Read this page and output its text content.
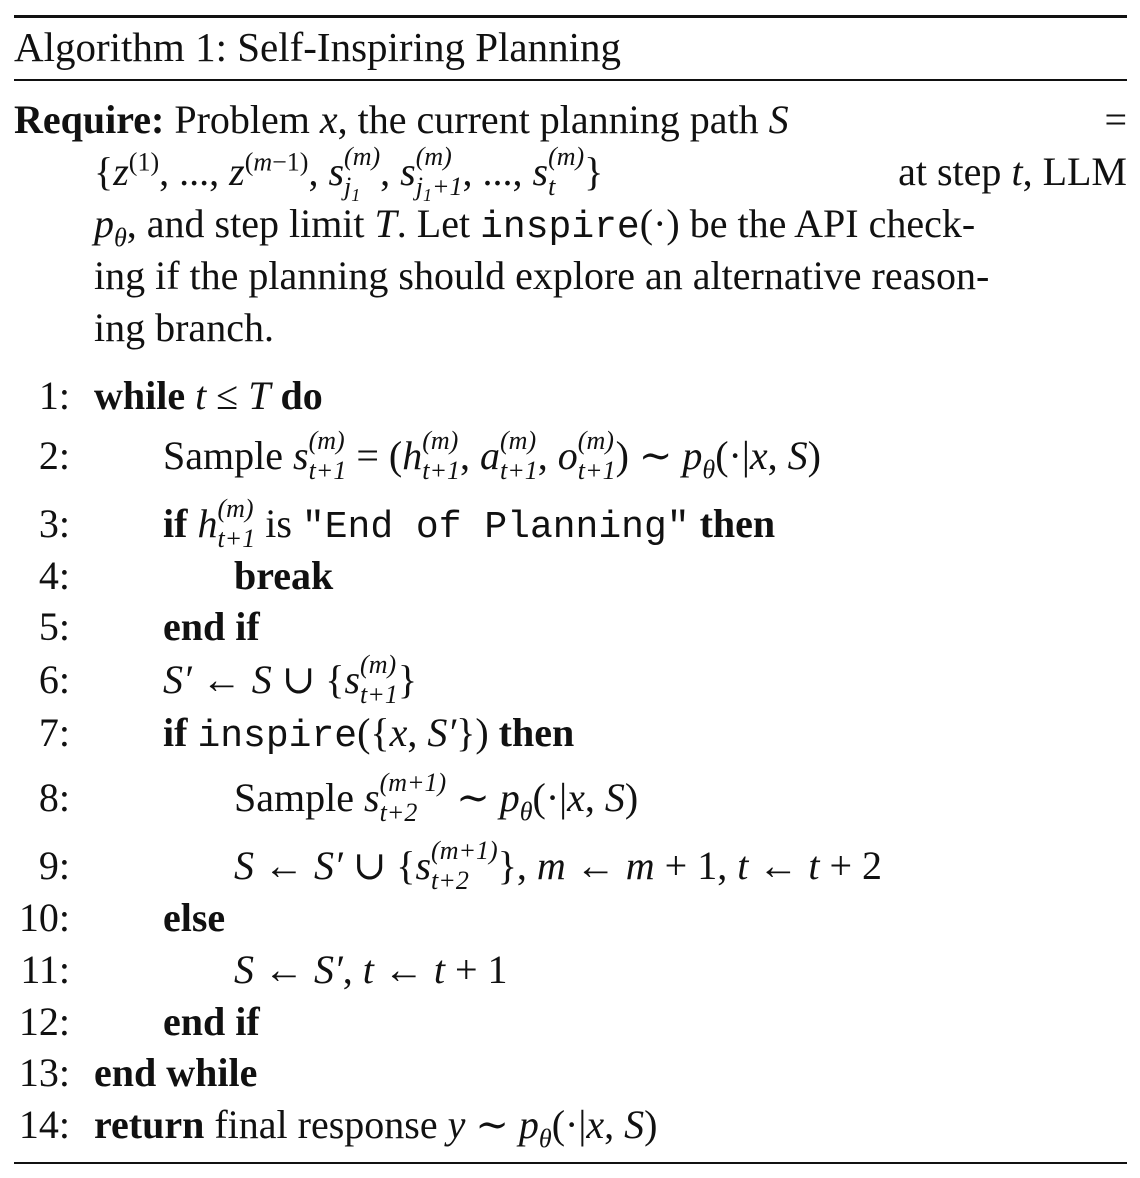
Algorithm 1: Self-Inspiring Planning
Require: Problem x, the current planning path S	=
{$z^{(1)}$, ..., $z^{(m-1)}$, s (m)
$j_1$
, s (m)
$j_1+1$ , ..., s (m)
t }	at step t, LLM
$p_\theta$, and step limit T. Let inspire(·) be the API check-
ing if the planning should explore an alternative reason-
ing branch.
1: while t ≤ T do
2: Sample s (m)
t+1 = (h (m)
t+1 , a (m)
t+1 , o (m)
t+1 ) ∼ $p_\theta(\cdot|x$, S)
3: if h (m)
t+1 is "End of Planning" then
4:	break
5: end if
6: S′ ← S ∪ {s (m)
t+1 }
7: if inspire({x, S′}) then
8:	Sample s (m+1)
t+2 ∼ $p_\theta(\cdot|x$, S)
9:	S ← S′ ∪ {s (m+1)
t+2 }, m ← m + 1, t ← t + 2
10: else
11:	S ← S′, t ← t + 1
12: end if
13: end while
14: return final response y ∼ $p_\theta(\cdot|x$, S)
